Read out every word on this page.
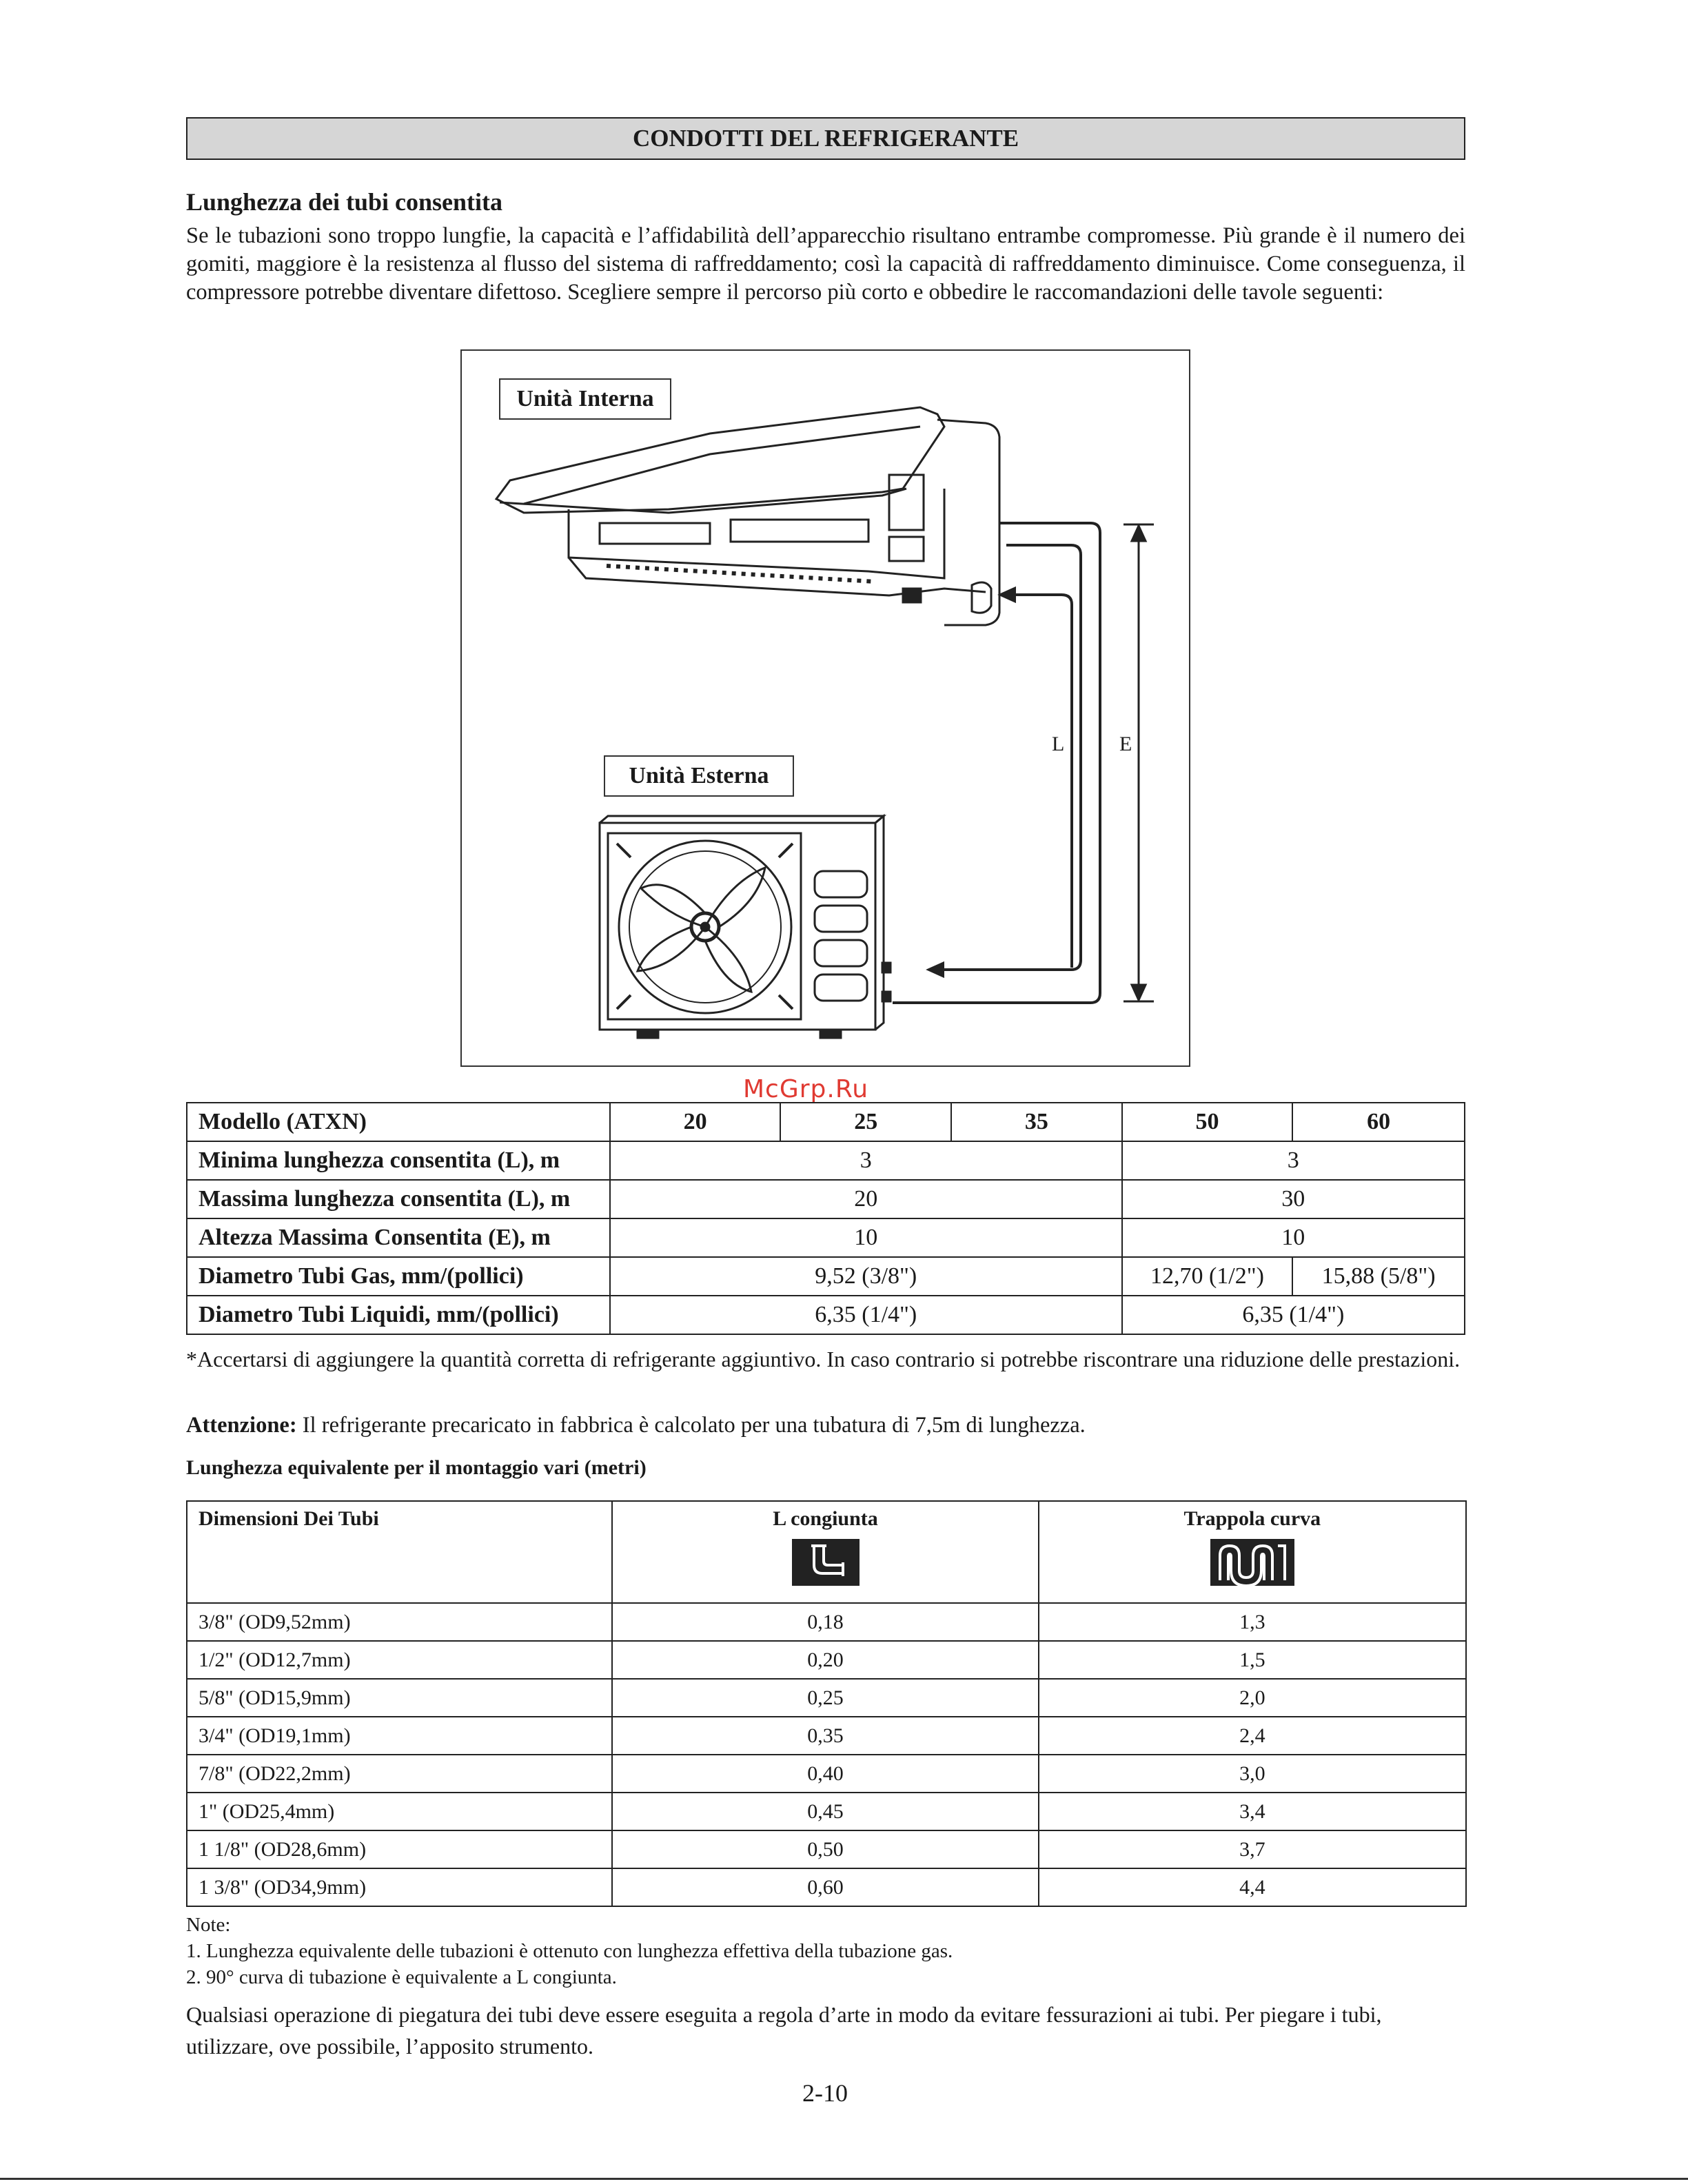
CONDOTTI DEL REFRIGERANTE
Lunghezza dei tubi consentita
Se le tubazioni sono troppo lungfie, la capacità e l’affidabilità dell’apparecchio risultano entrambe compromesse. Più grande è il numero dei gomiti, maggiore è la resistenza al flusso del sistema di raffreddamento; così la capacità di raffreddamento diminuisce. Come conseguenza, il compressore potrebbe diventare difettoso. Scegliere sempre il percorso più corto e obbedire le raccomandazioni delle tavole seguenti:
Unità Interna
Unità Esterna
L	E
McGrp.Ru
Modello (ATXN)	20	25	35	50	60
Minima lunghezza consentita (L), m	3			3	
Massima lunghezza consentita (L), m	20			30	
Altezza Massima Consentita (E), m	10			10	
Diametro Tubi Gas, mm/(pollici)	9,52 (3/8")			12,70 (1/2")	15,88 (5/8")
Diametro Tubi Liquidi, mm/(pollici)	6,35 (1/4")			6,35 (1/4")	
*Accertarsi di aggiungere la quantità corretta di refrigerante aggiuntivo. In caso contrario si potrebbe riscontrare una riduzione delle prestazioni.
Attenzione: Il refrigerante precaricato in fabbrica è calcolato per una tubatura di 7,5m di lunghezza.
Lunghezza equivalente per il montaggio vari (metri)
Dimensioni Dei Tubi	L congiunta	Trappola curva

3/8" (OD9,52mm)	0,18	1,3
1/2" (OD12,7mm)	0,20	1,5
5/8" (OD15,9mm)	0,25	2,0
3/4" (OD19,1mm)	0,35	2,4
7/8" (OD22,2mm)	0,40	3,0
1" (OD25,4mm)	0,45	3,4
1 1/8" (OD28,6mm)	0,50	3,7
1 3/8" (OD34,9mm)	0,60	4,4
Note:
1. Lunghezza equivalente delle tubazioni è ottenuto con lunghezza effettiva della tubazione gas.
2. 90° curva di tubazione è equivalente a L congiunta.
Qualsiasi operazione di piegatura dei tubi deve essere eseguita a regola d’arte in modo da evitare fessurazioni ai tubi. Per piegare i tubi, utilizzare, ove possibile, l’apposito strumento.
2-10
